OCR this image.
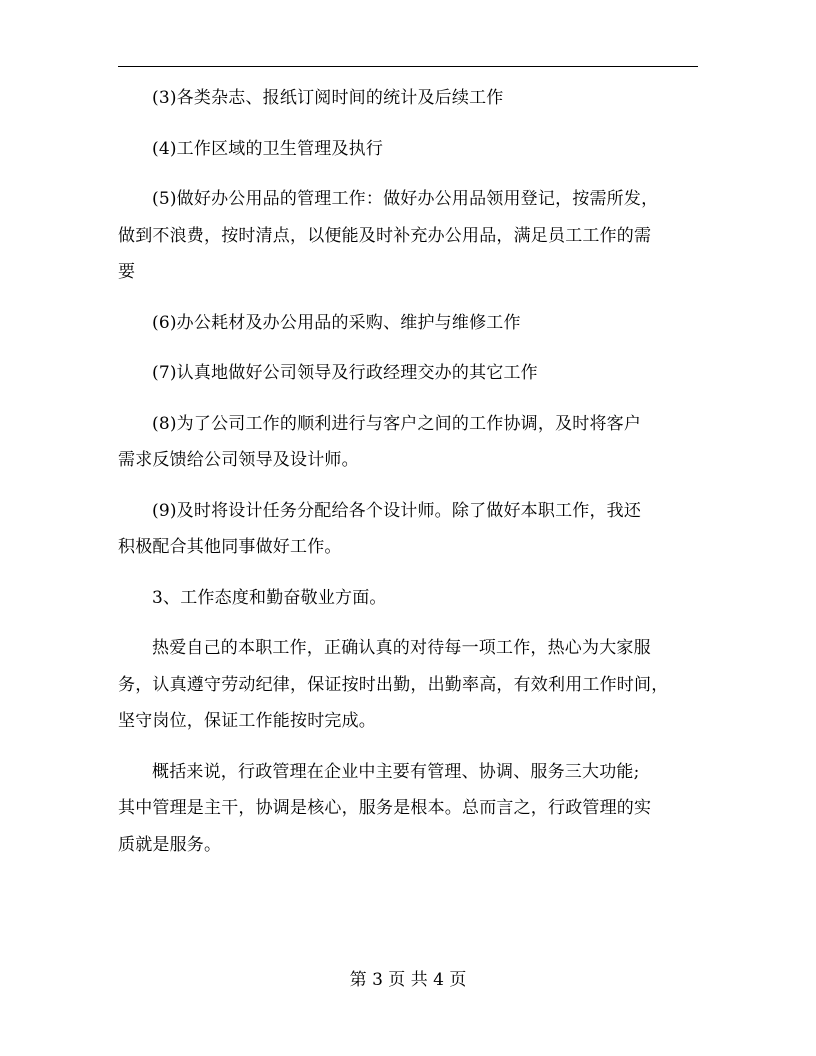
(3)各类杂志、报纸订阅时间的统计及后续工作
(4)工作区域的卫生管理及执行
(5)做好办公用品的管理工作：做好办公用品领用登记，按需所发，
做到不浪费，按时清点，以便能及时补充办公用品，满足员工工作的需
要
(6)办公耗材及办公用品的采购、维护与维修工作
(7)认真地做好公司领导及行政经理交办的其它工作
(8)为了公司工作的顺利进行与客户之间的工作协调，及时将客户
需求反馈给公司领导及设计师。
(9)及时将设计任务分配给各个设计师。除了做好本职工作，我还
积极配合其他同事做好工作。
3、工作态度和勤奋敬业方面。
热爱自己的本职工作，正确认真的对待每一项工作，热心为大家服
务，认真遵守劳动纪律，保证按时出勤，出勤率高，有效利用工作时间，
坚守岗位，保证工作能按时完成。
概括来说，行政管理在企业中主要有管理、协调、服务三大功能;
其中管理是主干，协调是核心，服务是根本。总而言之，行政管理的实
质就是服务。
第 3 页 共 4 页
